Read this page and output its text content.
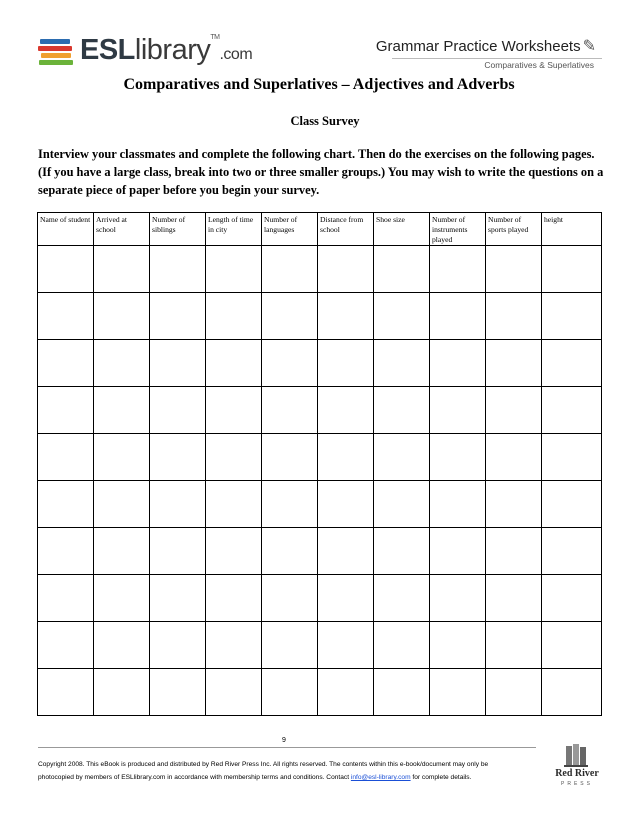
ESLlibrary™.com	Grammar Practice Worksheets ✎
Comparatives & Superlatives
Comparatives and Superlatives – Adjectives and Adverbs
Class Survey
Interview your classmates and complete the following chart. Then do the exercises on the following pages. (If you have a large class, break into two or three smaller groups.) You may wish to write the questions on a separate piece of paper before you begin your survey.
Name of student	Arrived at school	Number of siblings	Length of time in city	Number of languages	Distance from school	Shoe size	Number of instruments played	Number of sports played	height

9
Copyright 2008. This eBook is produced and distributed by Red River Press Inc. All rights reserved. The contents within this e-book/document may only be
photocopied by members of ESLlibrary.com in accordance with membership terms and conditions. Contact info@esl-library.com for complete details.	Red River
PRESS
